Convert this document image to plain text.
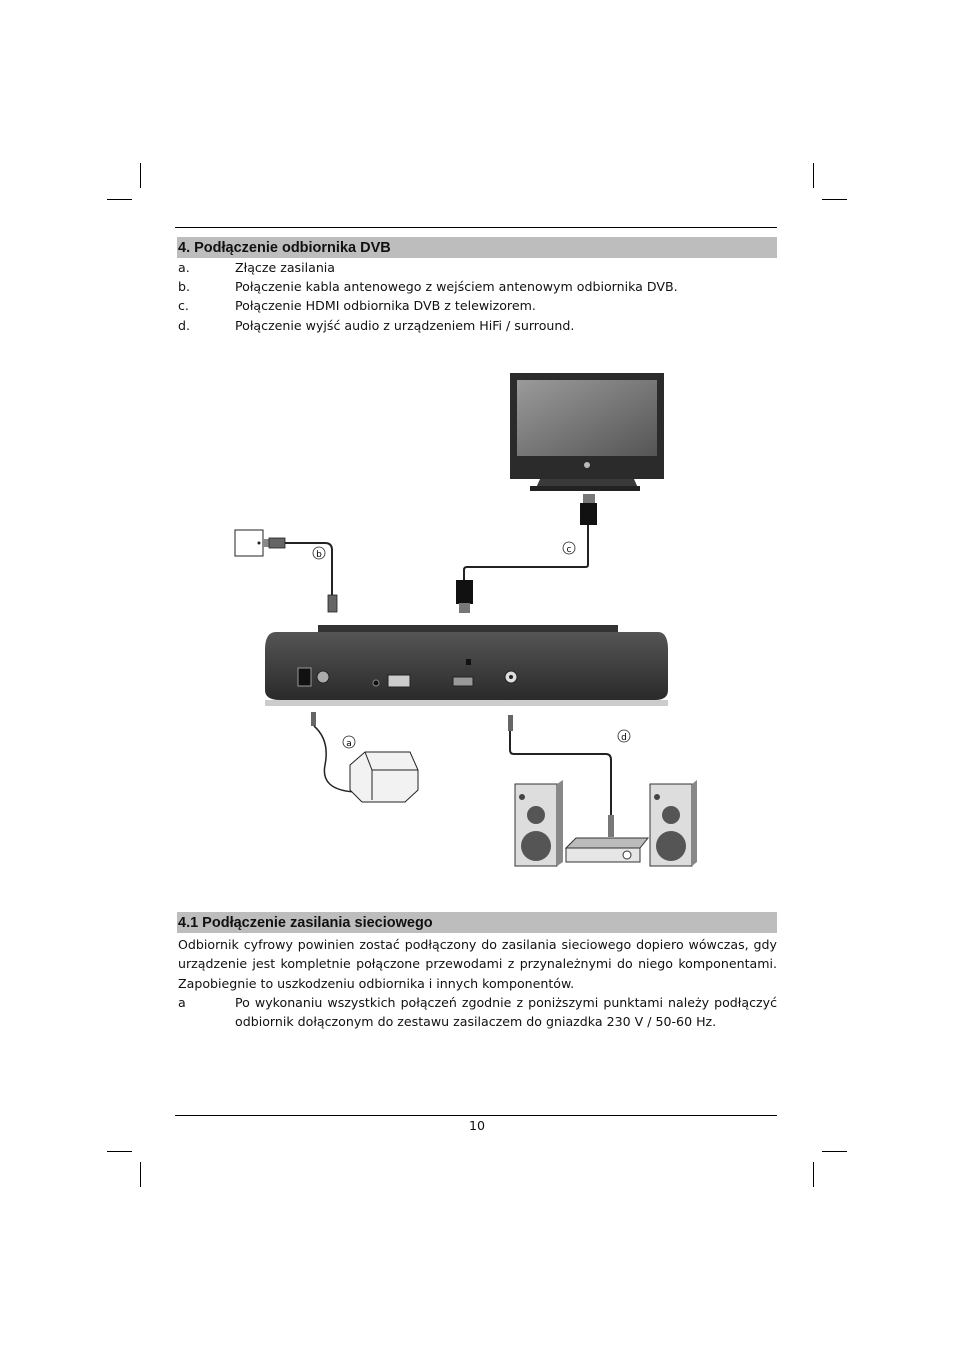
4. Podłączenie odbiornika DVB
a.	Złącze zasilania
b.	Połączenie kabla antenowego z wejściem antenowym odbiornika DVB.
c.	Połączenie HDMI odbiornika DVB z telewizorem.
d.	Połączenie wyjść audio z urządzeniem HiFi / surround.
b	c
a
d
4.1 Podłączenie zasilania sieciowego
Odbiornik cyfrowy powinien zostać podłączony do zasilania sieciowego dopiero wówczas, gdy urządzenie jest kompletnie połączone przewodami z przynależnymi do niego komponentami. Zapobiegnie to uszkodzeniu odbiornika i innych komponentów.
a	Po wykonaniu wszystkich połączeń zgodnie z poniższymi punktami należy podłączyć odbiornik dołączonym do zestawu zasilaczem do gniazdka 230 V / 50-60 Hz.
10
